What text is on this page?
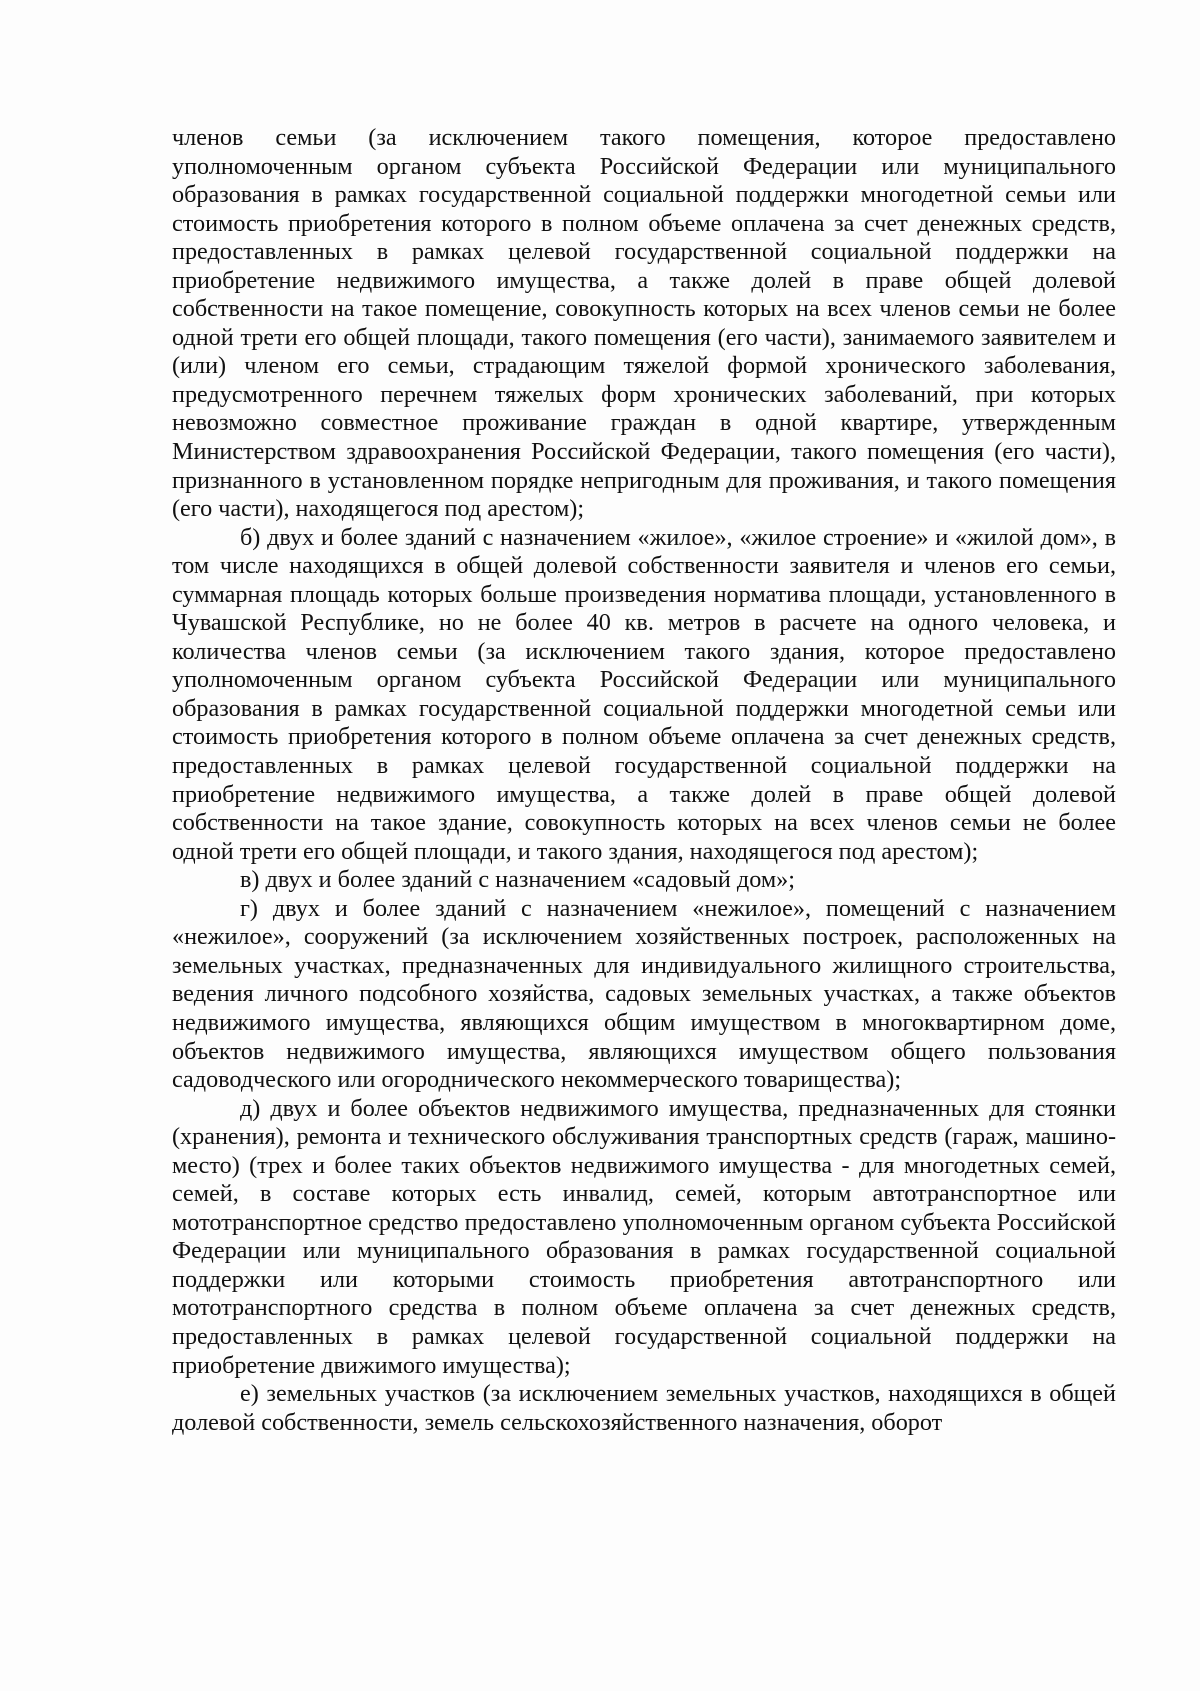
членов семьи (за исключением такого помещения, которое предоставлено уполномоченным органом субъекта Российской Федерации или муниципального образования в рамках государственной социальной поддержки многодетной семьи или стоимость приобретения которого в полном объеме оплачена за счет денежных средств, предоставленных в рамках целевой государственной социальной поддержки на приобретение недвижимого имущества, а также долей в праве общей долевой собственности на такое помещение, совокупность которых на всех членов семьи не более одной трети его общей площади, такого помещения (его части), занимаемого заявителем и (или) членом его семьи, страдающим тяжелой формой хронического заболевания, предусмотренного перечнем тяжелых форм хронических заболеваний, при которых невозможно совместное проживание граждан в одной квартире, утвержденным Министерством здравоохранения Российской Федерации, такого помещения (его части), признанного в установленном порядке непригодным для проживания, и такого помещения (его части), находящегося под арестом);

б) двух и более зданий с назначением «жилое», «жилое строение» и «жилой дом», в том числе находящихся в общей долевой собственности заявителя и членов его семьи, суммарная площадь которых больше произведения норматива площади, установленного в Чувашской Республике, но не более 40 кв. метров в расчете на одного человека, и количества членов семьи (за исключением такого здания, которое предоставлено уполномоченным органом субъекта Российской Федерации или муниципального образования в рамках государственной социальной поддержки многодетной семьи или стоимость приобретения которого в полном объеме оплачена за счет денежных средств, предоставленных в рамках целевой государственной социальной поддержки на приобретение недвижимого имущества, а также долей в праве общей долевой собственности на такое здание, совокупность которых на всех членов семьи не более одной трети его общей площади, и такого здания, находящегося под арестом);

в) двух и более зданий с назначением «садовый дом»;

г) двух и более зданий с назначением «нежилое», помещений с назначением «нежилое», сооружений (за исключением хозяйственных построек, расположенных на земельных участках, предназначенных для индивидуального жилищного строительства, ведения личного подсобного хозяйства, садовых земельных участках, а также объектов недвижимого имущества, являющихся общим имуществом в многоквартирном доме, объектов недвижимого имущества, являющихся имуществом общего пользования садоводческого или огороднического некоммерческого товарищества);

д) двух и более объектов недвижимого имущества, предназначенных для стоянки (хранения), ремонта и технического обслуживания транспортных средств (гараж, машино-место) (трех и более таких объектов недвижимого имущества - для многодетных семей, семей, в составе которых есть инвалид, семей, которым автотранспортное или мототранспортное средство предоставлено уполномоченным органом субъекта Российской Федерации или муниципального образования в рамках государственной социальной поддержки или которыми стоимость приобретения автотранспортного или мототранспортного средства в полном объеме оплачена за счет денежных средств, предоставленных в рамках целевой государственной социальной поддержки на приобретение движимого имущества);

е) земельных участков (за исключением земельных участков, находящихся в общей долевой собственности, земель сельскохозяйственного назначения, оборот
